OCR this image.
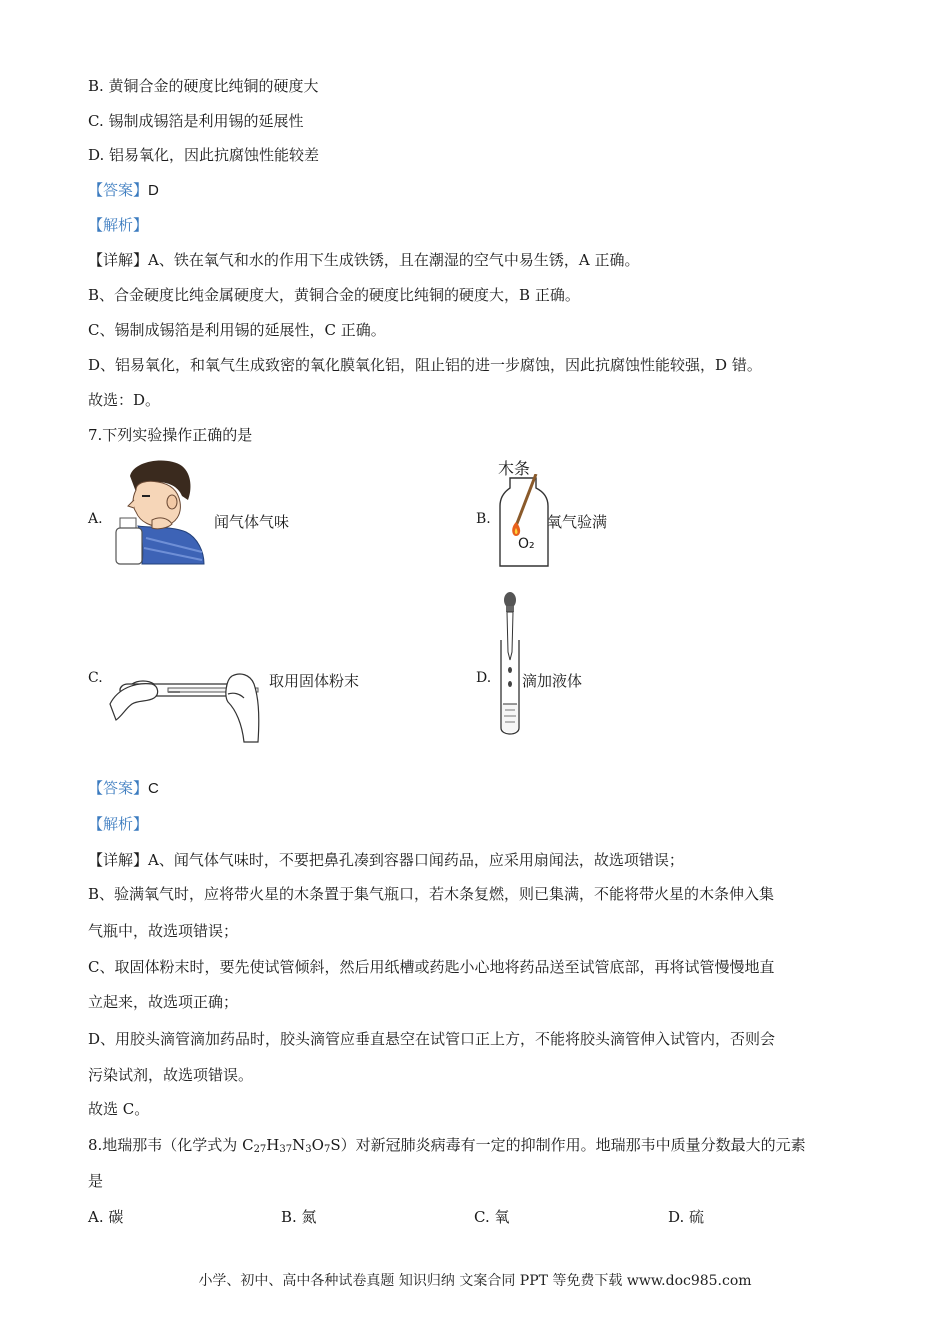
B. 黄铜合金的硬度比纯铜的硬度大
C. 锡制成锡箔是利用锡的延展性
D. 铝易氧化，因此抗腐蚀性能较差
【答案】D
【解析】
【详解】A、铁在氧气和水的作用下生成铁锈，且在潮湿的空气中易生锈，A 正确。
B、合金硬度比纯金属硬度大，黄铜合金的硬度比纯铜的硬度大，B 正确。
C、锡制成锡箔是利用锡的延展性，C 正确。
D、铝易氧化，和氧气生成致密的氧化膜氧化铝，阻止铝的进一步腐蚀，因此抗腐蚀性能较强，D 错。
故选：D。
7.下列实验操作正确的是
A.	闻气体气味	B.
木条
O₂
氧气验满
C.	取用固体粉末	D. 滴加液体
【答案】C
【解析】
【详解】A、闻气体气味时，不要把鼻孔凑到容器口闻药品，应采用扇闻法，故选项错误；
B、验满氧气时，应将带火星的木条置于集气瓶口，若木条复燃，则已集满，不能将带火星的木条伸入集
气瓶中，故选项错误；
C、取固体粉末时，要先使试管倾斜，然后用纸槽或药匙小心地将药品送至试管底部，再将试管慢慢地直
立起来，故选项正确；
D、用胶头滴管滴加药品时，胶头滴管应垂直悬空在试管口正上方，不能将胶头滴管伸入试管内，否则会
污染试剂，故选项错误。
故选 C。
8.地瑞那韦（化学式为 $C_{27}H_{37}N_3O_7S$）对新冠肺炎病毒有一定的抑制作用。地瑞那韦中质量分数最大的元素
是
A. 碳	B. 氮	C. 氧	D. 硫
小学、初中、高中各种试卷真题 知识归纳 文案合同 PPT 等免费下载 www.doc985.com
